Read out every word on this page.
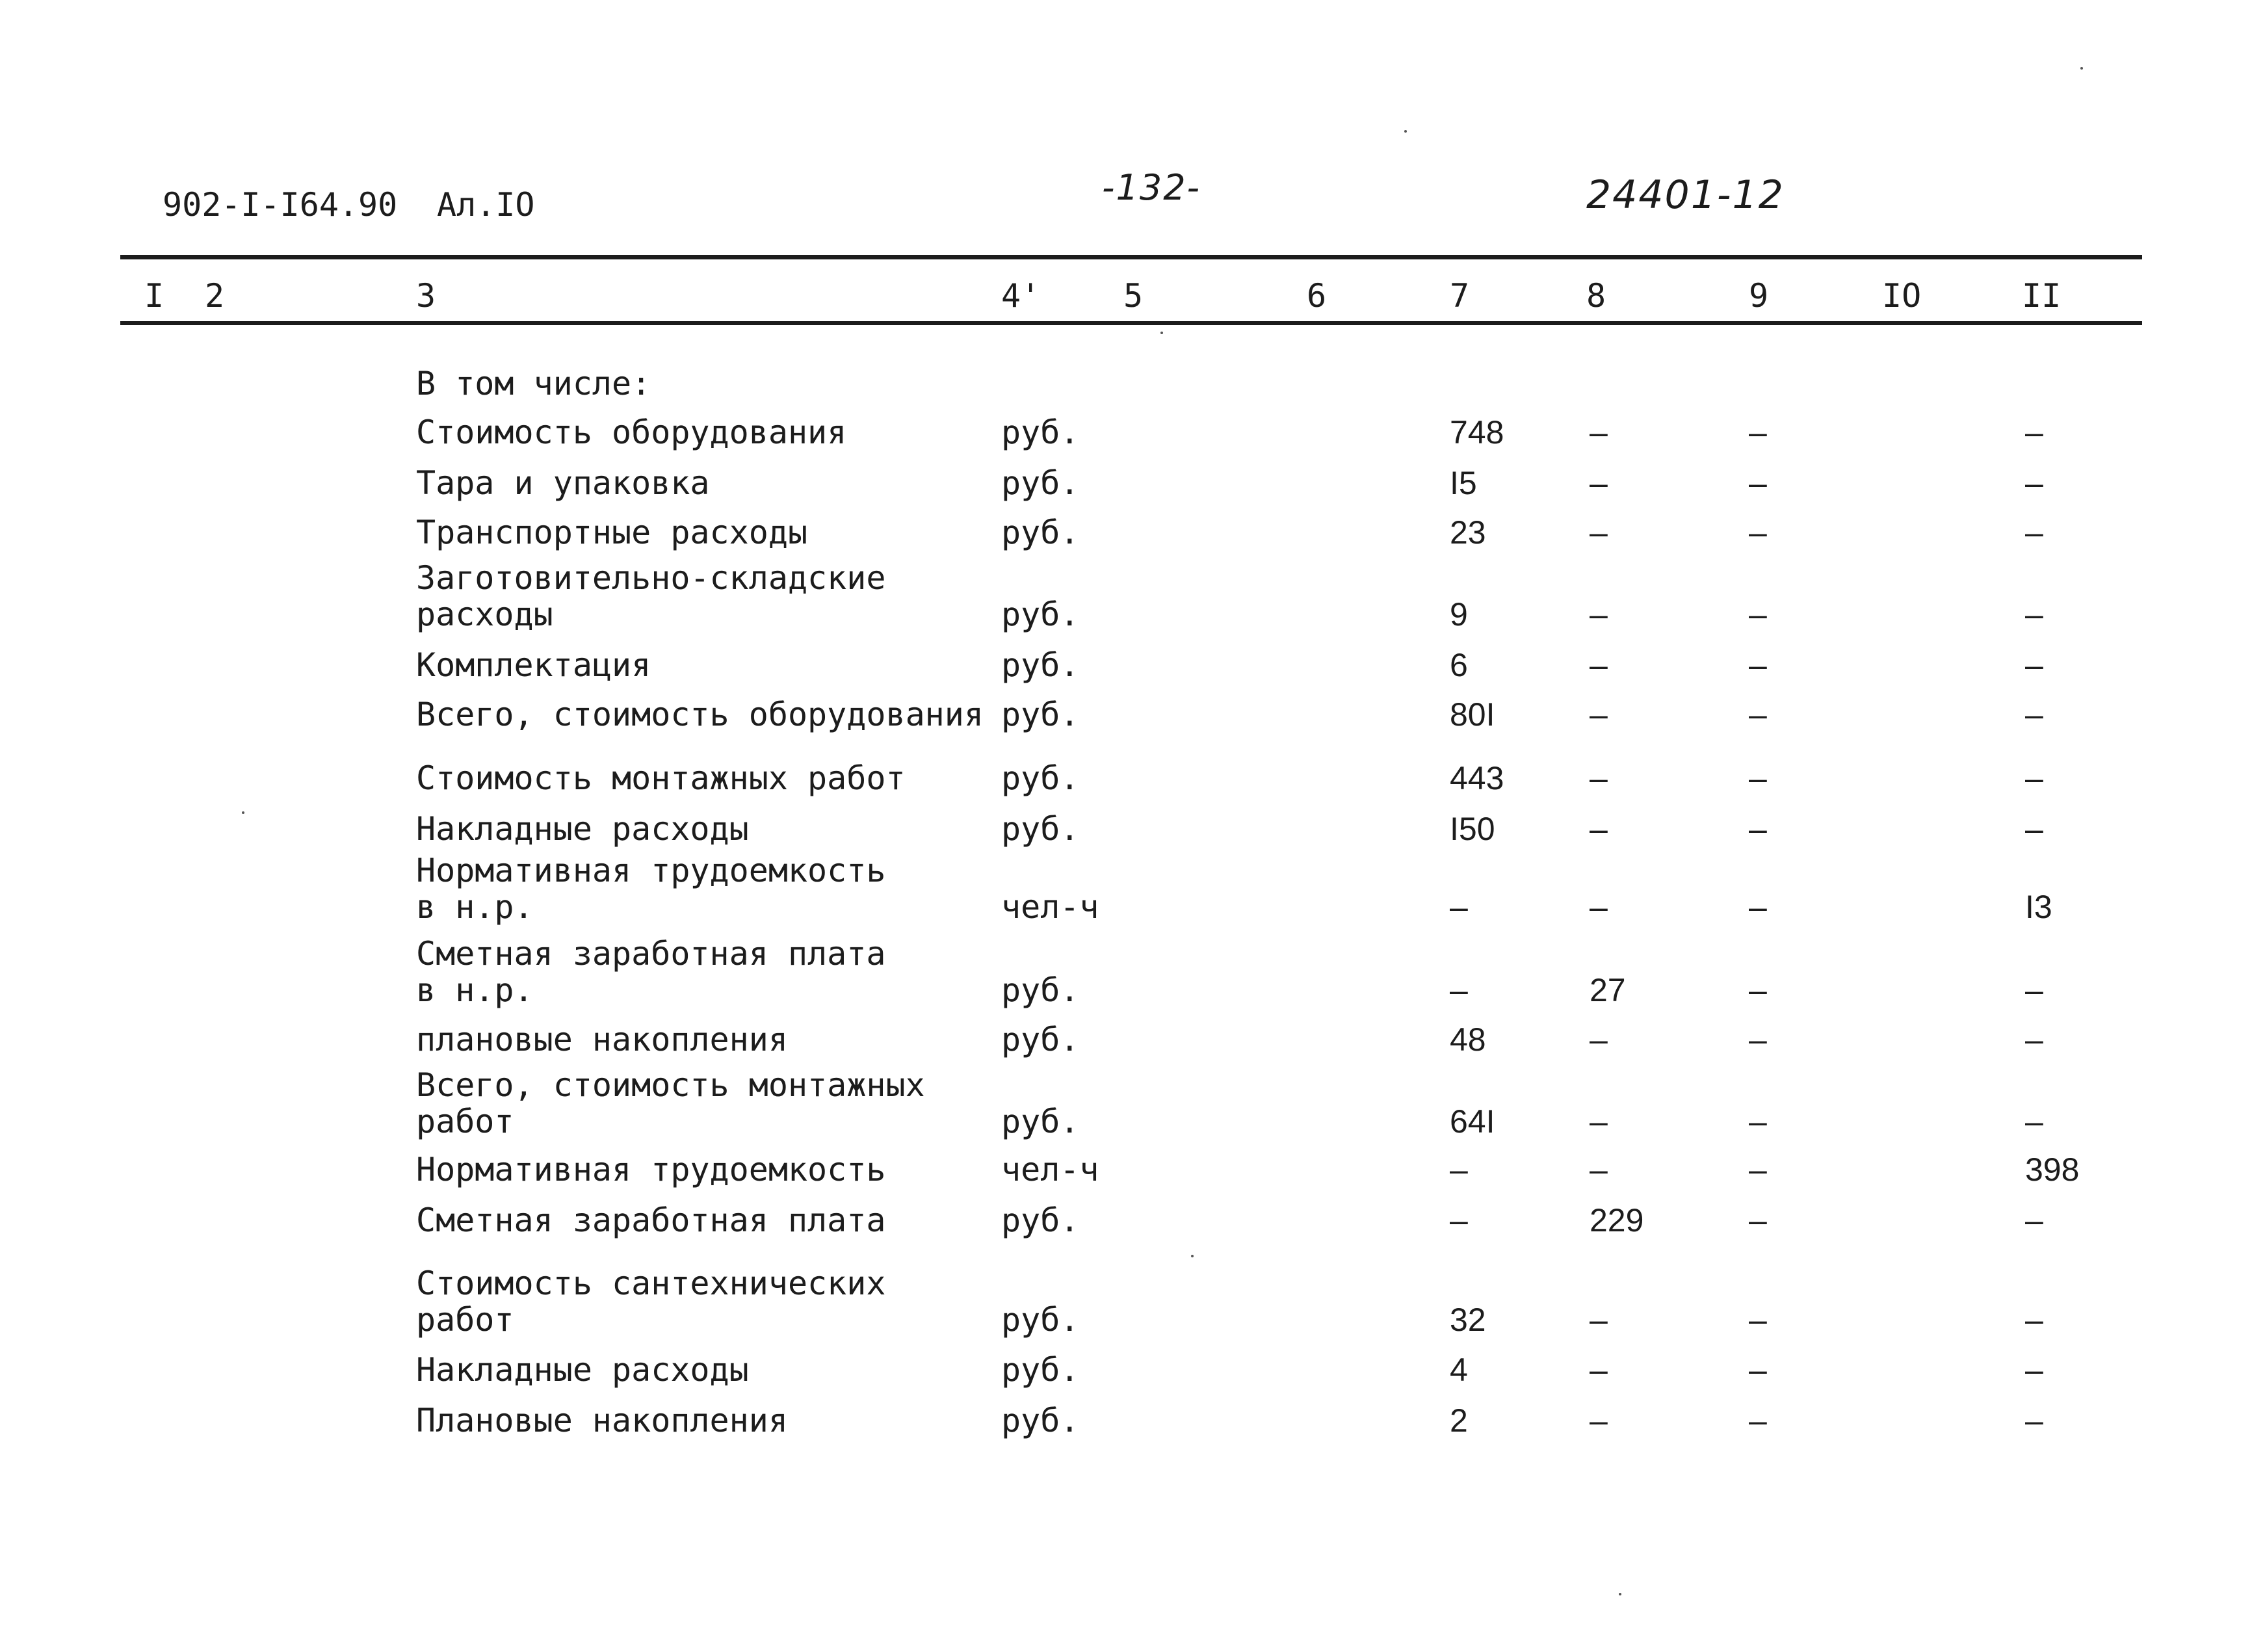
902-I-I64.90 Ал.IO	-132-	24401-12
I 2	3	4'	5	6	7	8	9	IO	II
В том числе:
Стоимость оборудования	руб.	748	–	–	–
Тара и упаковка	руб.	I5	–	–	–
Транспортные расходы	руб.	23	–	–	–
Заготовительно-складские
расходы	руб.	9	–	–	–
Комплектация	руб.	6	–	–	–
Всего, стоимость оборудования руб.	80I	–	–	–
Стоимость монтажных работ	руб.	443	–	–	–
Накладные расходы	руб.	I50	–	–	–
Нормативная трудоемкость
в н.р.	чел-ч	–	–	–	I3
Сметная заработная плата
в н.р.	руб.	–	27	–	–
плановые накопления	руб.	48	–	–	–
Всего, стоимость монтажных
работ	руб.	64I	–	–	–
Нормативная трудоемкость	чел-ч	–	–	–	398
Сметная заработная плата	руб.	–	229	–	–
Стоимость сантехнических
работ	руб.	32	–	–	–
Накладные расходы	руб.	4	–	–	–
Плановые накопления	руб.	2	–	–	–
